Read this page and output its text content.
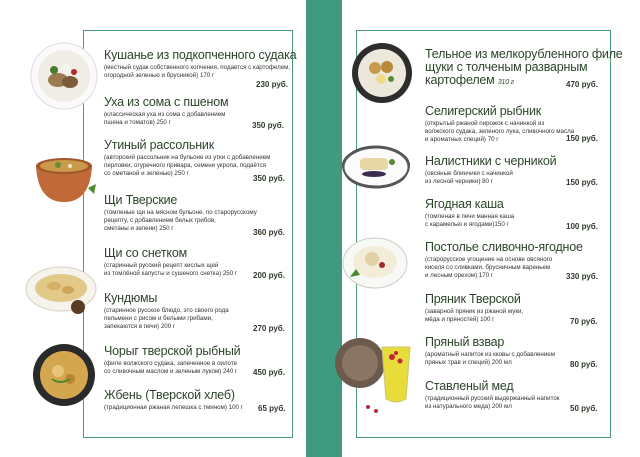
Кушанье из подкопченного судака
(местный судак собственного копчения, подается с картофелем,
огородной зеленью и брусникой) 170 г
230 руб.
Уха из сома с пшеном
(классическая уха из сома с добавлением
пшена и томатов) 250 г	350 руб.
Утиный рассольник
(авторский рассольник на бульоне из утки с добавлением
перловки, огуречного привара, семени укропа, подаётся
со сметаной и зеленью) 250 г
350 руб.
Щи Тверские
(томленые щи на мясном бульоне, по старорусскому
рецепту, с добавлением белых грибов,
сметаны и зелени) 250 г	360 руб.
Щи со снетком
(старинный русский рецепт кислых щей
из томлёной капусты и сушеного снетка) 250 г 200 руб.
Кундюмы
(старинное русское блюдо, это своего рода
пельмени с рисом и белыми грибами,
запекаются в печи) 200 г	270 руб.
Чорыг тверской рыбный
(филе волжского судака, запеченное в оилоте
со сливочным маслом и зеленым луком) 240 г	450 руб.
Жбень (Тверской хлеб)
(традиционная ржаная лепешка с тмином) 100 г 65 руб.
Тельное из мелкорубленного филе
щуки с толченым разварным
картофелем 310 г	470 руб.
Селигерский рыбник
(открытый ржаной пирожок с начинкой из
волжского судака, зеленого лука, сливочного масла
и ароматных специй) 70 г	150 руб.
Налистники с черникой
(овсяные блинчики с начинкой
из лесной черники) 80 г	150 руб.
Ягодная каша
(томленая в печи манная каша
с карамелью и ягодами)150 г	100 руб.
Постолье сливочно-ягодное
(старорусское угощение на основе овсяного
киселя со сливками, брусничным вареньем
и лесным орехом) 170 г	330 руб.
Пряник Тверской
(заварной пряник из ржаной муки,
мёда и пряностей) 100 г	70 руб.
Пряный взвар
(ароматный напиток из кковы с добавлением
пряных трав и специй) 200 мл	80 руб.
Ставленый мед
(традиционный русский выдержанный напиток
из натурального меда) 200 мл	50 руб.
